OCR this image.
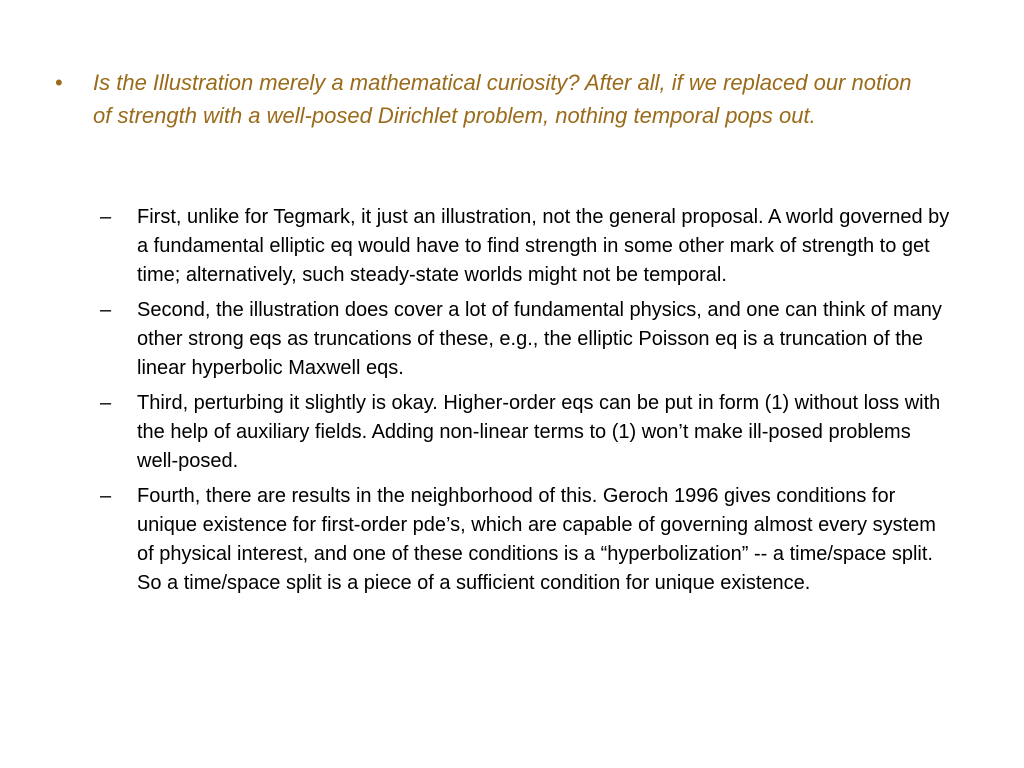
•	Is the Illustration merely a mathematical curiosity? After all, if we replaced our notion of strength with a well-posed Dirichlet problem, nothing temporal pops out.
–	First, unlike for Tegmark, it just an illustration, not the general proposal. A world governed by a fundamental elliptic eq would have to find strength in some other mark of strength to get time; alternatively, such steady-state worlds might not be temporal.
–	Second, the illustration does cover a lot of fundamental physics, and one can think of many other strong eqs as truncations of these, e.g., the elliptic Poisson eq is a truncation of the linear hyperbolic Maxwell eqs.
–	Third, perturbing it slightly is okay. Higher-order eqs can be put in form (1) without loss with the help of auxiliary fields. Adding non-linear terms to (1) won’t make ill-posed problems well-posed.
–	Fourth, there are results in the neighborhood of this. Geroch 1996 gives conditions for unique existence for first-order pde’s, which are capable of governing almost every system of physical interest, and one of these conditions is a “hyperbolization” -- a time/space split. So a time/space split is a piece of a sufficient condition for unique existence.
